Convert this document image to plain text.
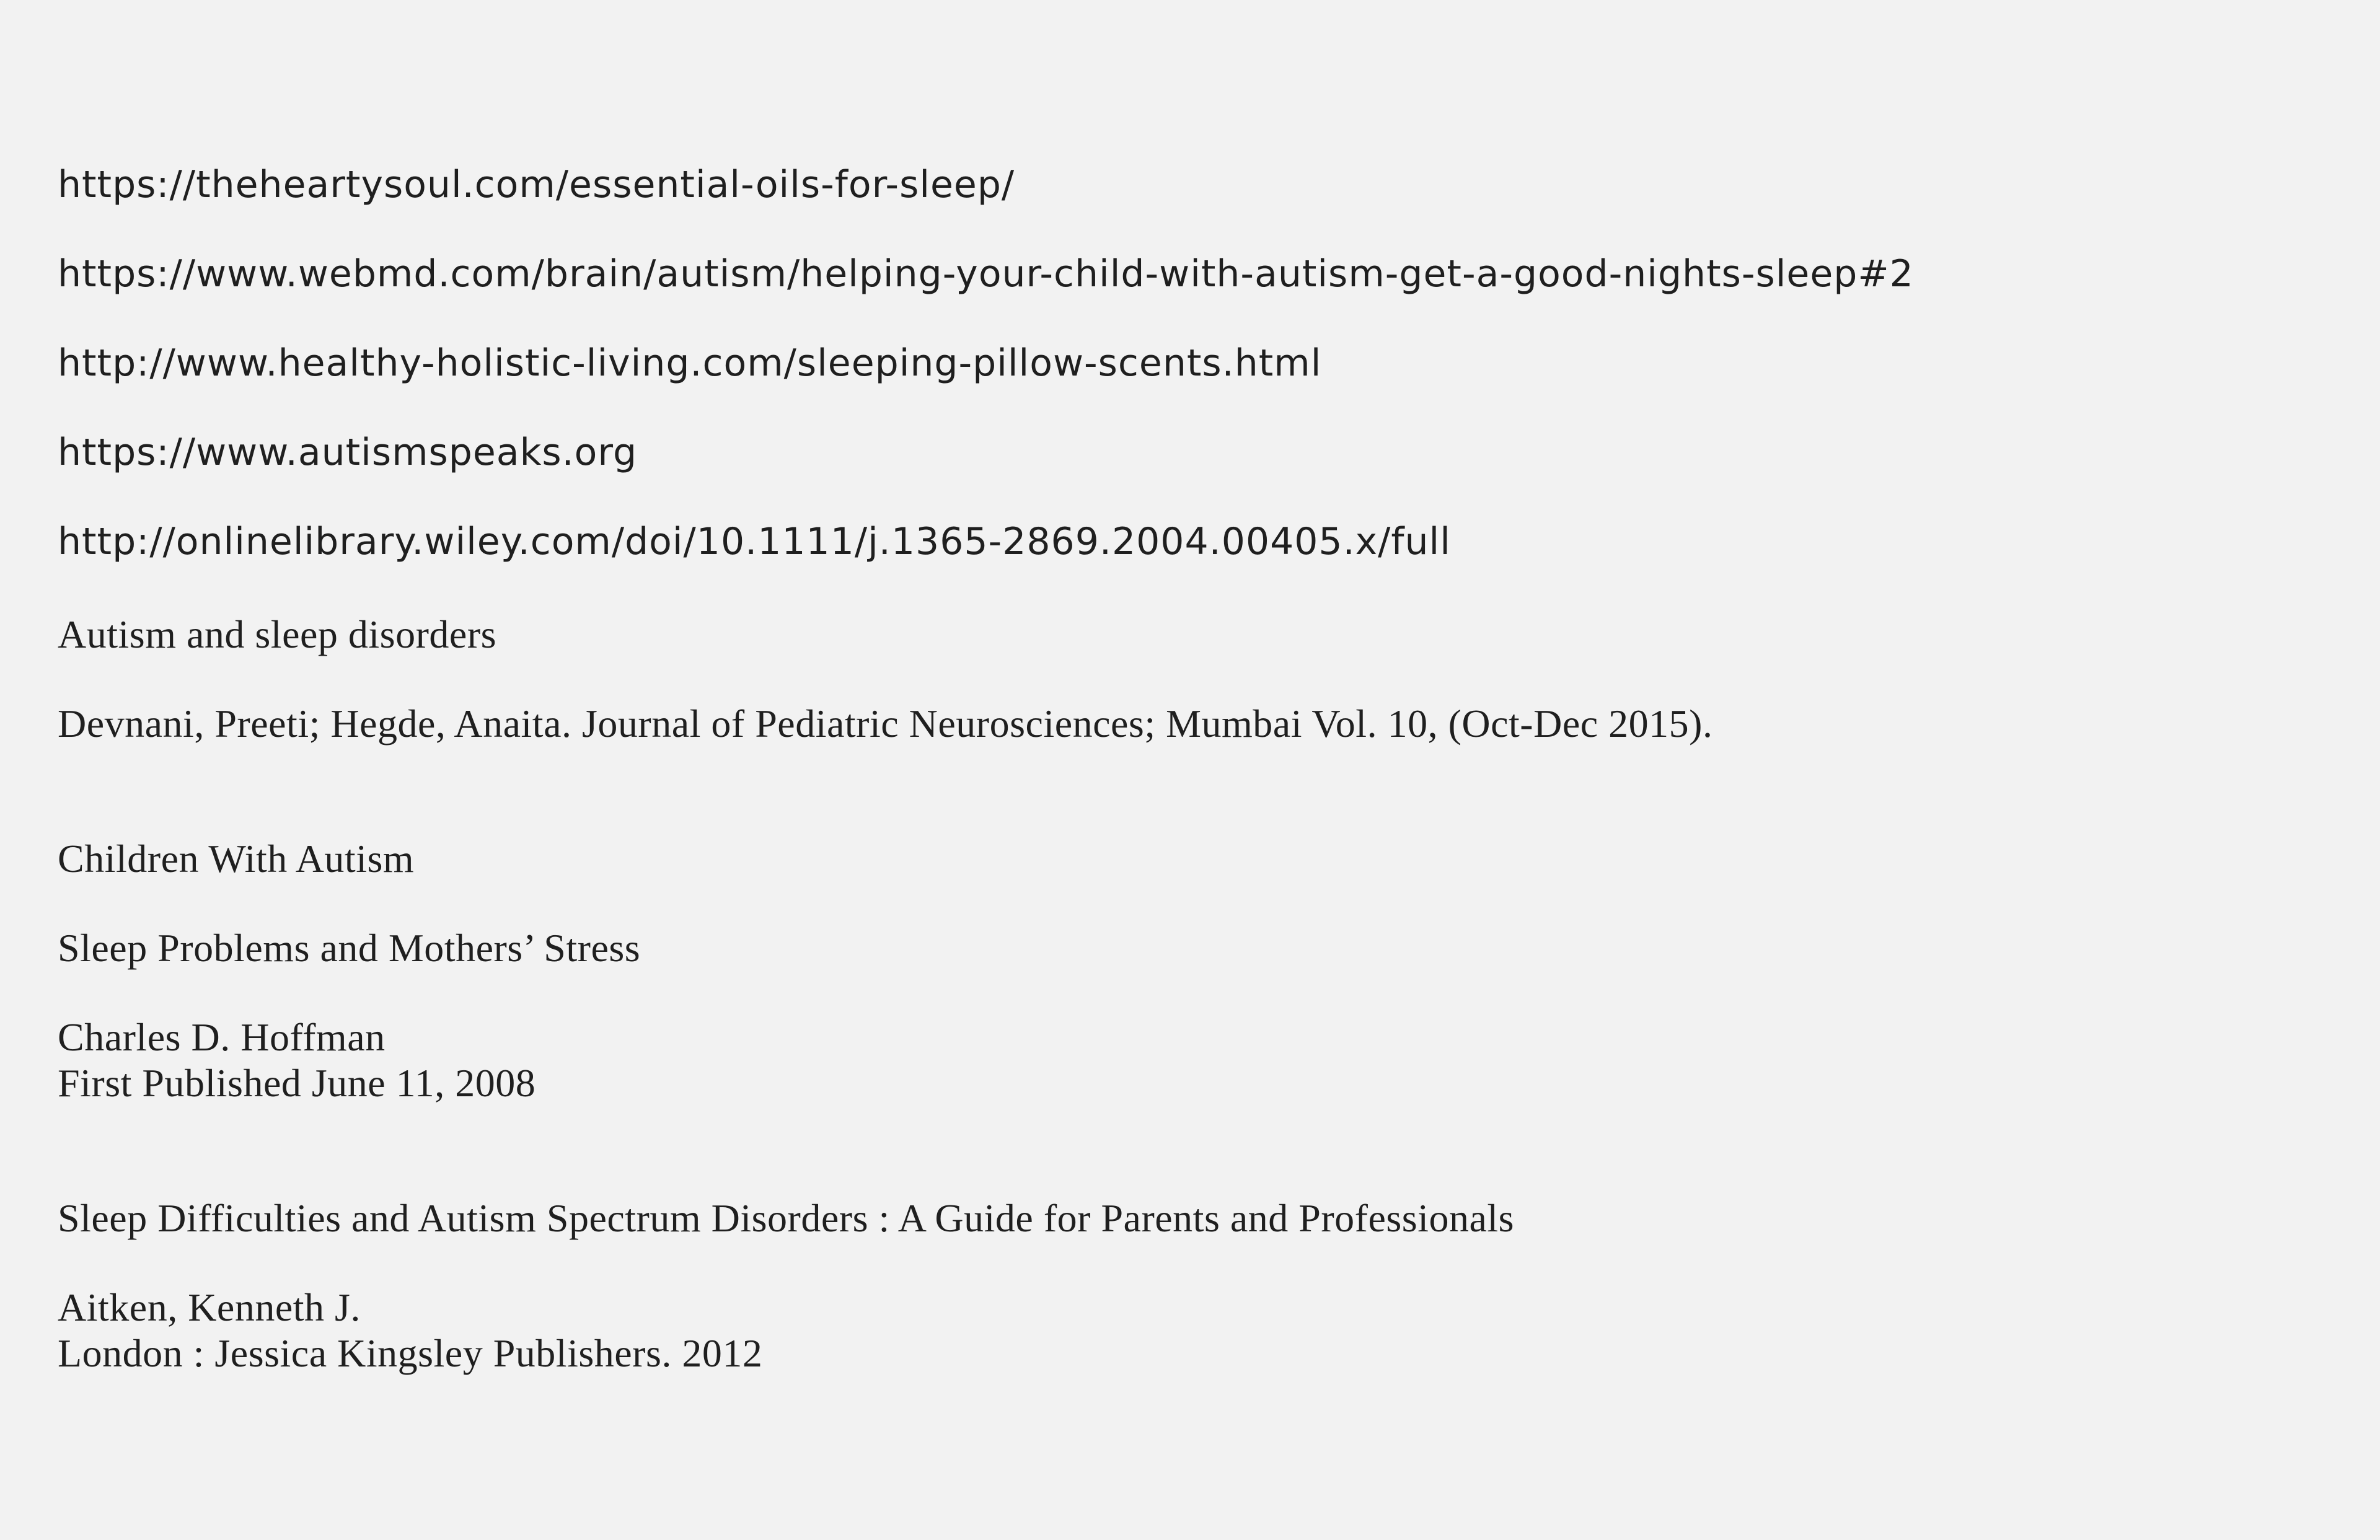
https://theheartysoul.com/essential-oils-for-sleep/
https://www.webmd.com/brain/autism/helping-your-child-with-autism-get-a-good-nights-sleep#2
http://www.healthy-holistic-living.com/sleeping-pillow-scents.html
https://www.autismspeaks.org
http://onlinelibrary.wiley.com/doi/10.1111/j.1365-2869.2004.00405.x/full
Autism and sleep disorders
Devnani, Preeti; Hegde, Anaita. Journal of Pediatric Neurosciences; Mumbai Vol. 10, (Oct-Dec 2015).
Children With Autism
Sleep Problems and Mothers’ Stress
Charles D. Hoffman
First Published June 11, 2008
Sleep Difficulties and Autism Spectrum Disorders : A Guide for Parents and Professionals
Aitken, Kenneth J.
London : Jessica Kingsley Publishers. 2012
